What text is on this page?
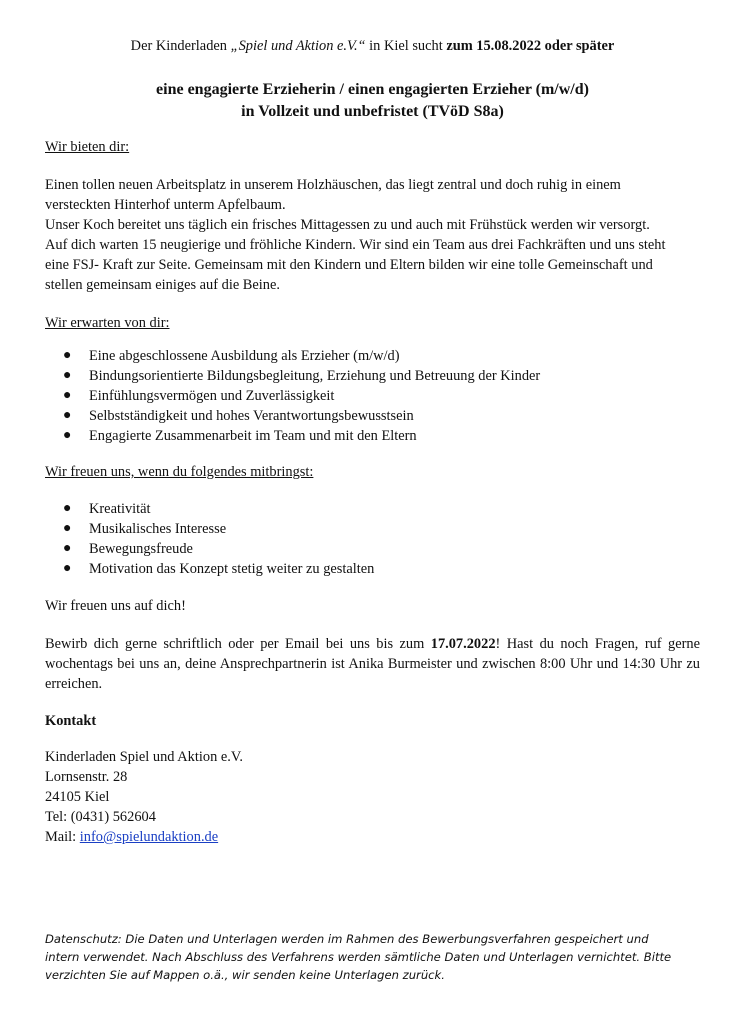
Der Kinderladen „Spiel und Aktion e.V.“ in Kiel sucht zum 15.08.2022 oder später
eine engagierte Erzieherin / einen engagierten Erzieher (m/w/d)
in Vollzeit und unbefristet (TVöD S8a)
Wir bieten dir:
Einen tollen neuen Arbeitsplatz in unserem Holzhäuschen, das liegt zentral und doch ruhig in einem
versteckten Hinterhof unterm Apfelbaum.
Unser Koch bereitet uns täglich ein frisches Mittagessen zu und auch mit Frühstück werden wir versorgt.
Auf dich warten 15 neugierige und fröhliche Kindern. Wir sind ein Team aus drei Fachkräften und uns steht
eine FSJ- Kraft zur Seite. Gemeinsam mit den Kindern und Eltern bilden wir eine tolle Gemeinschaft und
stellen gemeinsam einiges auf die Beine.
Wir erwarten von dir:
● Eine abgeschlossene Ausbildung als Erzieher (m/w/d)
● Bindungsorientierte Bildungsbegleitung, Erziehung und Betreuung der Kinder
● Einfühlungsvermögen und Zuverlässigkeit
● Selbstständigkeit und hohes Verantwortungsbewusstsein
● Engagierte Zusammenarbeit im Team und mit den Eltern
Wir freuen uns, wenn du folgendes mitbringst:
● Kreativität
● Musikalisches Interesse
● Bewegungsfreude
● Motivation das Konzept stetig weiter zu gestalten
Wir freuen uns auf dich!
Bewirb dich gerne schriftlich oder per Email bei uns bis zum 17.07.2022! Hast du noch Fragen, ruf gerne wochentags bei uns an, deine Ansprechpartnerin ist Anika Burmeister und zwischen 8:00 Uhr und 14:30 Uhr zu erreichen.
Kontakt
Kinderladen Spiel und Aktion e.V.
Lornsenstr. 28
24105 Kiel
Tel: (0431) 562604
Mail: info@spielundaktion.de
Datenschutz: Die Daten und Unterlagen werden im Rahmen des Bewerbungsverfahren gespeichert und intern verwendet. Nach Abschluss des Verfahrens werden sämtliche Daten und Unterlagen vernichtet. Bitte verzichten Sie auf Mappen o.ä., wir senden keine Unterlagen zurück.
